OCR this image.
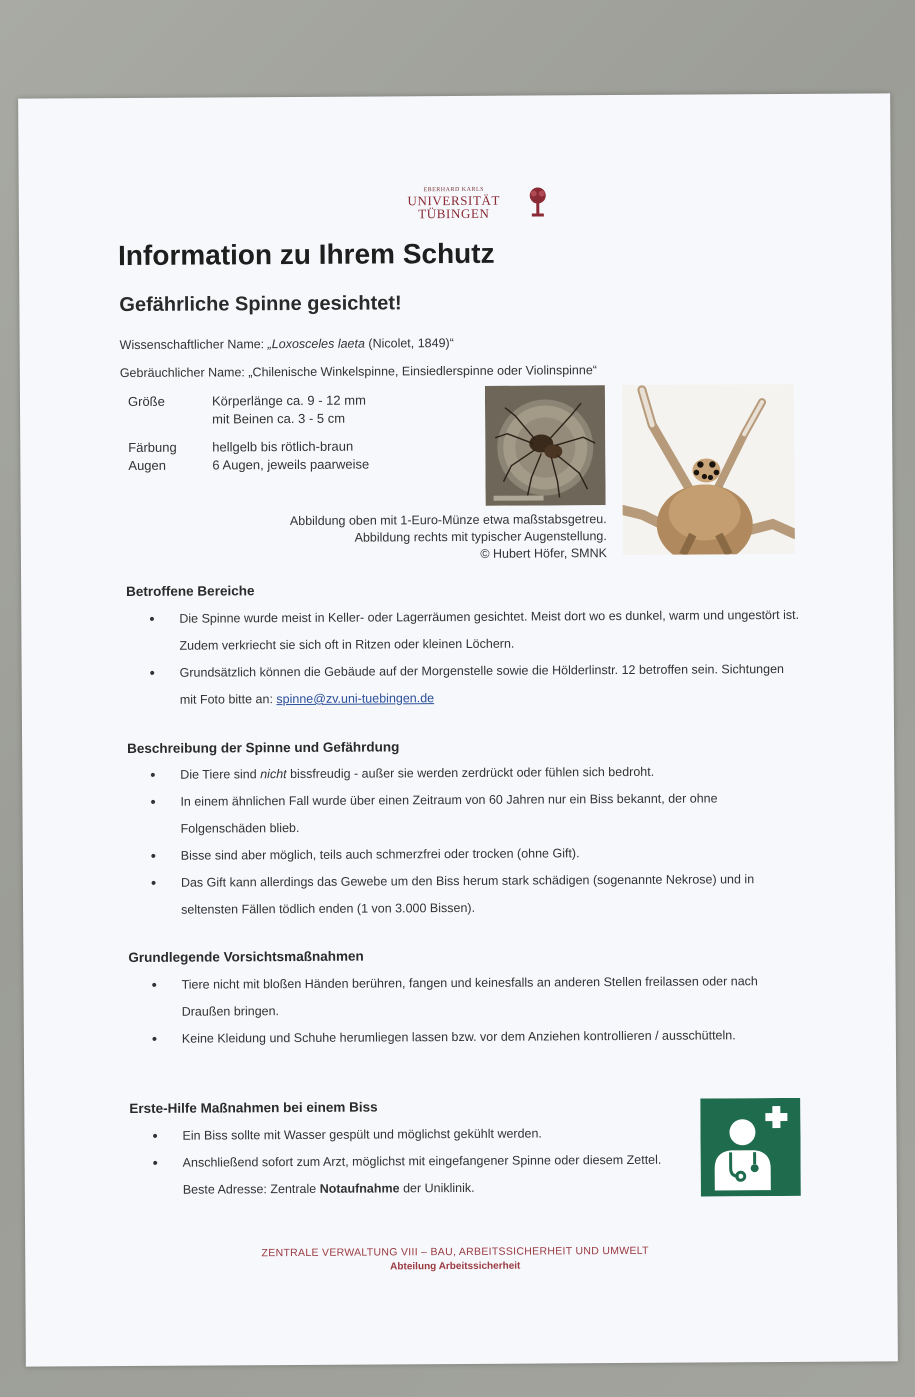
EBERHARD KARLS
UNIVERSITÄT
TÜBINGEN
Information zu Ihrem Schutz
Gefährliche Spinne gesichtet!
Wissenschaftlicher Name: „Loxosceles laeta (Nicolet, 1849)“
Gebräuchlicher Name: „Chilenische Winkelspinne, Einsiedlerspinne oder Violinspinne“
Größe	Körperlänge ca. 9 - 12 mm
mit Beinen ca. 3 - 5 cm
Färbung	hellgelb bis rötlich-braun
Augen	6 Augen, jeweils paarweise
Abbildung oben mit 1-Euro-Münze etwa maßstabsgetreu.
Abbildung rechts mit typischer Augenstellung.
© Hubert Höfer, SMNK
Betroffene Bereiche
• Die Spinne wurde meist in Keller- oder Lagerräumen gesichtet. Meist dort wo es dunkel, warm und ungestört ist. Zudem verkriecht sie sich oft in Ritzen oder kleinen Löchern.
• Grundsätzlich können die Gebäude auf der Morgenstelle sowie die Hölderlinstr. 12 betroffen sein. Sichtungen mit Foto bitte an: spinne@zv.uni-tuebingen.de
Beschreibung der Spinne und Gefährdung
• Die Tiere sind nicht bissfreudig - außer sie werden zerdrückt oder fühlen sich bedroht.
• In einem ähnlichen Fall wurde über einen Zeitraum von 60 Jahren nur ein Biss bekannt, der ohne Folgenschäden blieb.
• Bisse sind aber möglich, teils auch schmerzfrei oder trocken (ohne Gift).
• Das Gift kann allerdings das Gewebe um den Biss herum stark schädigen (sogenannte Nekrose) und in seltensten Fällen tödlich enden (1 von 3.000 Bissen).
Grundlegende Vorsichtsmaßnahmen
• Tiere nicht mit bloßen Händen berühren, fangen und keinesfalls an anderen Stellen freilassen oder nach Draußen bringen.
• Keine Kleidung und Schuhe herumliegen lassen bzw. vor dem Anziehen kontrollieren / ausschütteln.
Erste-Hilfe Maßnahmen bei einem Biss
• Ein Biss sollte mit Wasser gespült und möglichst gekühlt werden.
• Anschließend sofort zum Arzt, möglichst mit eingefangener Spinne oder diesem Zettel. Beste Adresse: Zentrale Notaufnahme der Uniklinik.
ZENTRALE VERWALTUNG VIII – BAU, ARBEITSSICHERHEIT UND UMWELT
Abteilung Arbeitssicherheit
